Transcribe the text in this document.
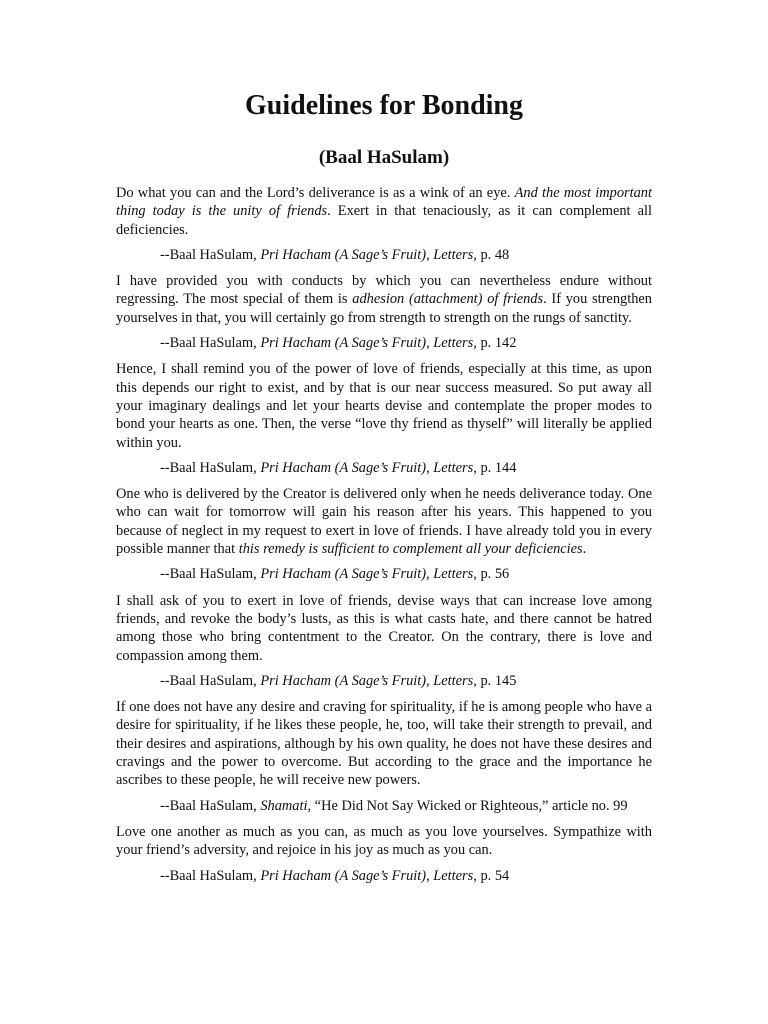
Guidelines for Bonding
(Baal HaSulam)

Do what you can and the Lord’s deliverance is as a wink of an eye. And the most important thing today is the unity of friends. Exert in that tenaciously, as it can complement all deficiencies.

--Baal HaSulam, Pri Hacham (A Sage’s Fruit), Letters, p. 48

I have provided you with conducts by which you can nevertheless endure without regressing. The most special of them is adhesion (attachment) of friends. If you strengthen yourselves in that, you will certainly go from strength to strength on the rungs of sanctity.

--Baal HaSulam, Pri Hacham (A Sage’s Fruit), Letters, p. 142

Hence, I shall remind you of the power of love of friends, especially at this time, as upon this depends our right to exist, and by that is our near success measured. So put away all your imaginary dealings and let your hearts devise and contemplate the proper modes to bond your hearts as one. Then, the verse “love thy friend as thyself” will literally be applied within you.

--Baal HaSulam, Pri Hacham (A Sage’s Fruit), Letters, p. 144

One who is delivered by the Creator is delivered only when he needs deliverance today. One who can wait for tomorrow will gain his reason after his years. This happened to you because of neglect in my request to exert in love of friends. I have already told you in every possible manner that this remedy is sufficient to complement all your deficiencies.

--Baal HaSulam, Pri Hacham (A Sage’s Fruit), Letters, p. 56

I shall ask of you to exert in love of friends, devise ways that can increase love among friends, and revoke the body’s lusts, as this is what casts hate, and there cannot be hatred among those who bring contentment to the Creator. On the contrary, there is love and compassion among them.

--Baal HaSulam, Pri Hacham (A Sage’s Fruit), Letters, p. 145

If one does not have any desire and craving for spirituality, if he is among people who have a desire for spirituality, if he likes these people, he, too, will take their strength to prevail, and their desires and aspirations, although by his own quality, he does not have these desires and cravings and the power to overcome. But according to the grace and the importance he ascribes to these people, he will receive new powers.

--Baal HaSulam, Shamati, “He Did Not Say Wicked or Righteous,” article no. 99

Love one another as much as you can, as much as you love yourselves. Sympathize with your friend’s adversity, and rejoice in his joy as much as you can.

--Baal HaSulam, Pri Hacham (A Sage’s Fruit), Letters, p. 54
